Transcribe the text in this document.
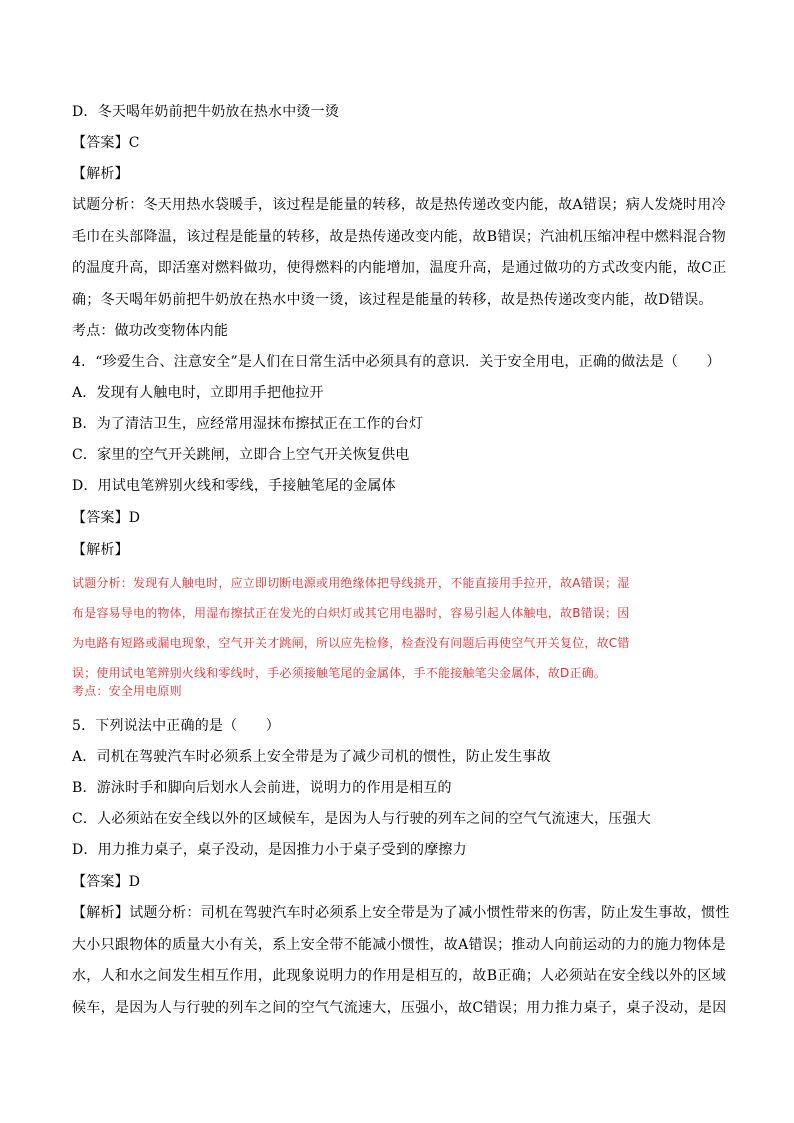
D．冬天喝年奶前把牛奶放在热水中烫一烫
【答案】C
【解析】
试题分析：冬天用热水袋暖手，该过程是能量的转移，故是热传递改变内能，故A错误；病人发烧时用冷
毛巾在头部降温，该过程是能量的转移，故是热传递改变内能，故B错误；汽油机压缩冲程中燃料混合物
的温度升高，即活塞对燃料做功，使得燃料的内能增加，温度升高，是通过做功的方式改变内能，故C正
确；冬天喝年奶前把牛奶放在热水中烫一烫，该过程是能量的转移，故是热传递改变内能，故D错误。
考点：做功改变物体内能
4．“珍爱生合、注意安全”是人们在日常生活中必须具有的意识．关于安全用电，正确的做法是（　　）
A．发现有人触电时，立即用手把他拉开
B．为了清洁卫生，应经常用湿抹布擦拭正在工作的台灯
C．家里的空气开关跳闸，立即合上空气开关恢复供电
D．用试电笔辨别火线和零线，手接触笔尾的金属体
【答案】D
【解析】
试题分析：发现有人触电时，应立即切断电源或用绝缘体把导线挑开，不能直接用手拉开，故A错误；湿
布是容易导电的物体，用湿布擦拭正在发光的白炽灯或其它用电器时，容易引起人体触电，故B错误；因
为电路有短路或漏电现象，空气开关才跳闸，所以应先检修，检查没有问题后再使空气开关复位，故C错
误；使用试电笔辨别火线和零线时，手必须接触笔尾的金属体，手不能接触笔尖金属体，故D正确。
考点：安全用电原则
5．下列说法中正确的是（　　）
A．司机在驾驶汽车时必须系上安全带是为了减少司机的惯性，防止发生事故
B．游泳时手和脚向后划水人会前进，说明力的作用是相互的
C．人必须站在安全线以外的区域候车，是因为人与行驶的列车之间的空气气流速大，压强大
D．用力推力桌子，桌子没动，是因推力小于桌子受到的摩擦力
【答案】D
【解析】试题分析：司机在驾驶汽车时必须系上安全带是为了减小惯性带来的伤害，防止发生事故，惯性
大小只跟物体的质量大小有关，系上安全带不能减小惯性，故A错误；推动人向前运动的力的施力物体是
水，人和水之间发生相互作用，此现象说明力的作用是相互的，故B正确；人必须站在安全线以外的区域
候车，是因为人与行驶的列车之间的空气气流速大，压强小，故C错误；用力推力桌子，桌子没动，是因
